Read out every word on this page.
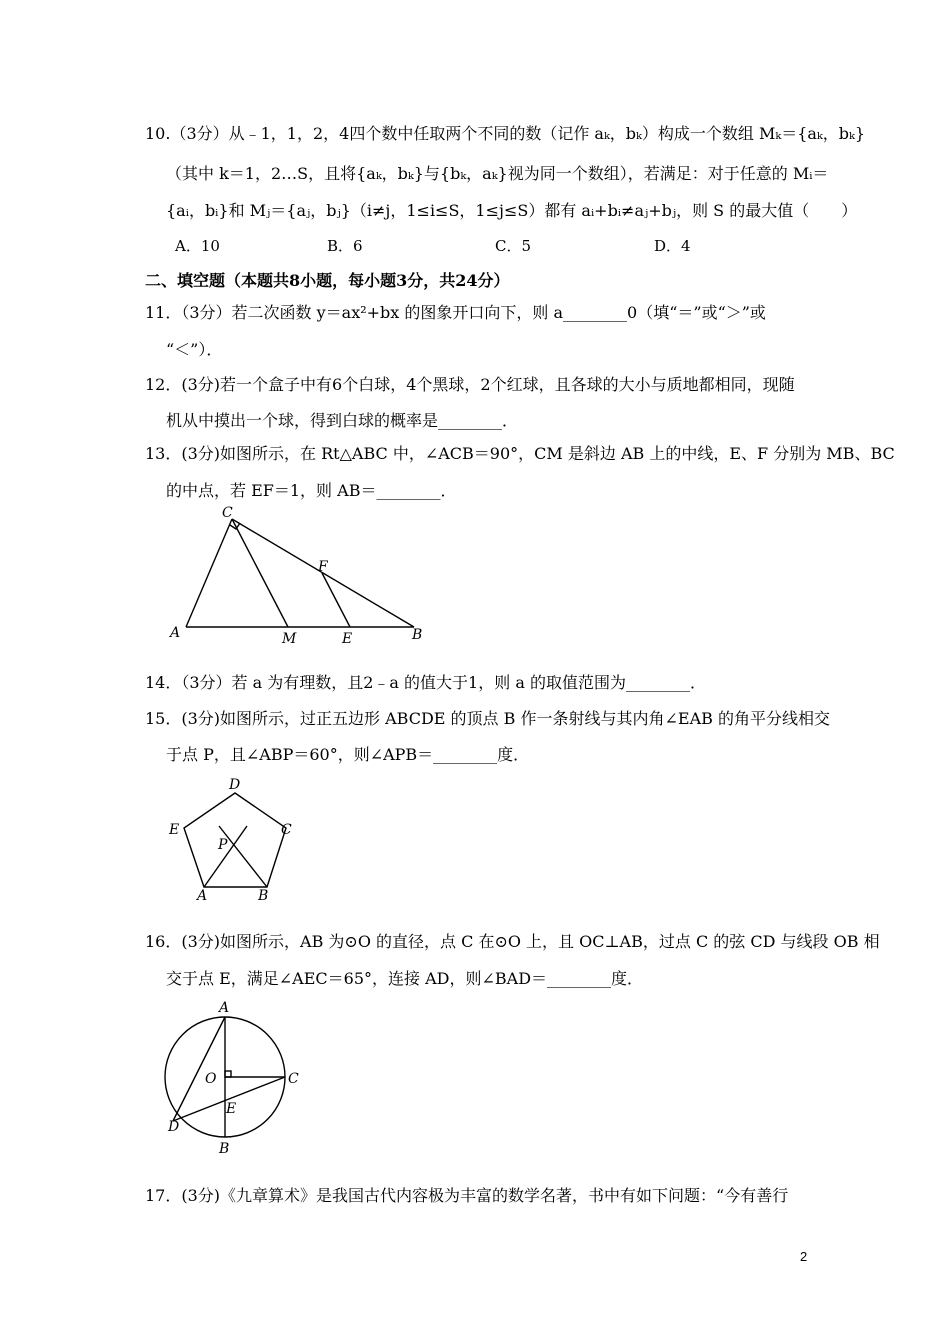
10.（3分）从﹣1，1，2，4四个数中任取两个不同的数（记作 aₖ，bₖ）构成一个数组 Mₖ＝{aₖ，bₖ}
（其中 k＝1，2…S，且将{aₖ，bₖ}与{bₖ，aₖ}视为同一个数组），若满足：对于任意的 Mᵢ＝
{aᵢ，bᵢ}和 Mⱼ＝{aⱼ，bⱼ}（i≠j，1≤i≤S，1≤j≤S）都有 aᵢ+bᵢ≠aⱼ+bⱼ，则 S 的最大值（　　）
A．10	B．6	C．5	D．4
二、填空题（本题共8小题，每小题3分，共24分）
11．（3分）若二次函数 y＝ax²+bx 的图象开口向下，则 a________0（填“＝”或“＞”或
“＜”）．
12．(3分)若一个盒子中有6个白球，4个黑球，2个红球，且各球的大小与质地都相同，现随
机从中摸出一个球，得到白球的概率是________．
13．(3分)如图所示，在 Rt△ABC 中，∠ACB＝90°，CM 是斜边 AB 上的中线，E、F 分别为 MB、BC
的中点，若 EF＝1，则 AB＝________．
C
F
A	M	E	B
14．（3分）若 a 为有理数，且2﹣a 的值大于1，则 a 的取值范围为________．
15．(3分)如图所示，过正五边形 ABCDE 的顶点 B 作一条射线与其内角∠EAB 的角平分线相交
于点 P，且∠ABP＝60°，则∠APB＝________度．
D
E	C
P
A	B
16．(3分)如图所示，AB 为⊙O 的直径，点 C 在⊙O 上，且 OC⊥AB，过点 C 的弦 CD 与线段 OB 相
交于点 E，满足∠AEC＝65°，连接 AD，则∠BAD＝________度．
A
O	C
E
D
B
17．(3分)《九章算术》是我国古代内容极为丰富的数学名著，书中有如下问题：“今有善行
2
